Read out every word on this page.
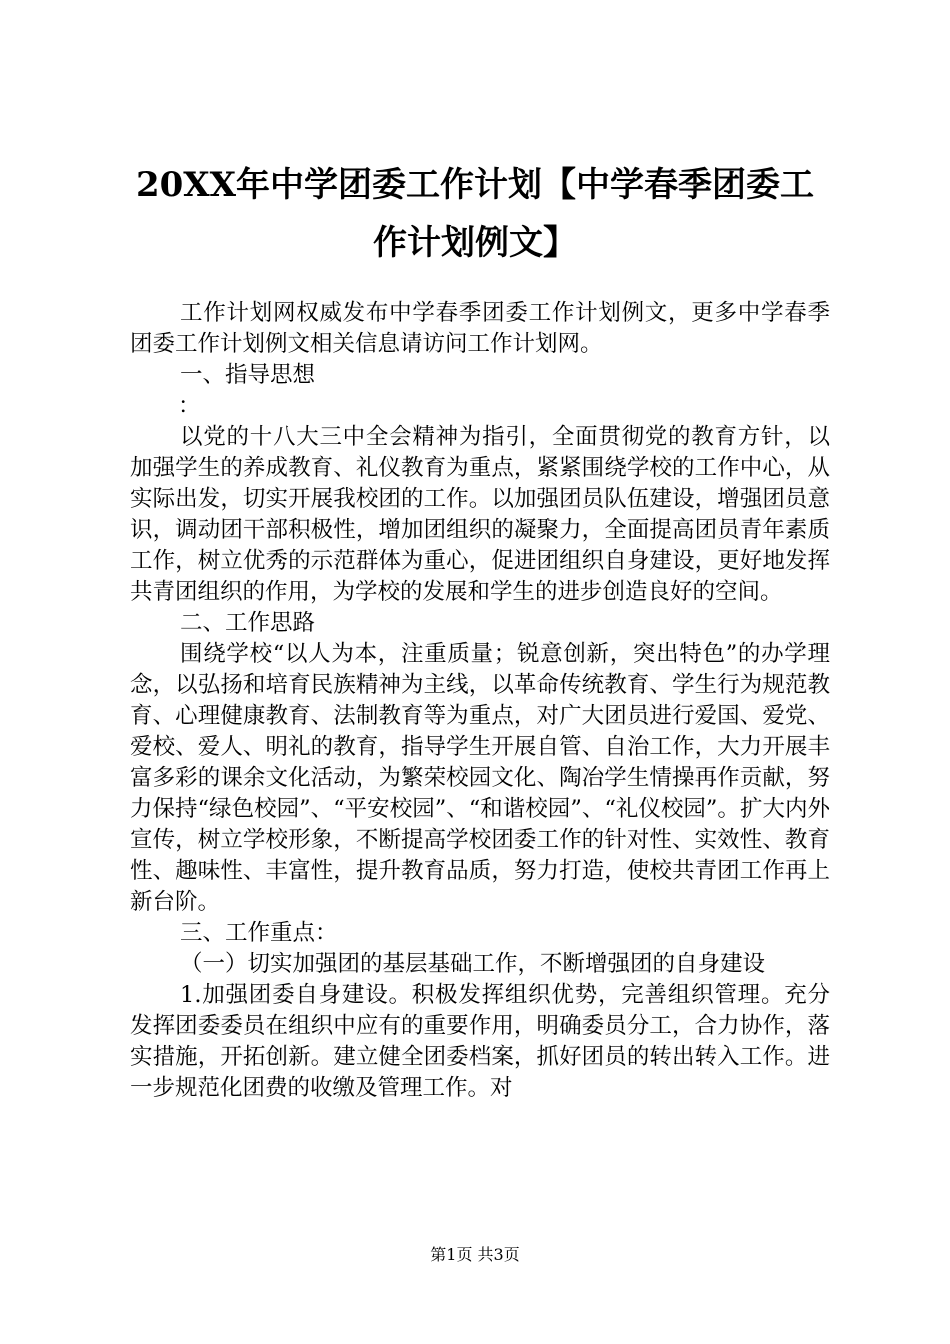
20XX年中学团委工作计划【中学春季团委工
作计划例文】

工作计划网权威发布中学春季团委工作计划例文，更多中学春季团委工作计划例文相关信息请访问工作计划网。

一、指导思想

：

以党的十八大三中全会精神为指引，全面贯彻党的教育方针，以加强学生的养成教育、礼仪教育为重点，紧紧围绕学校的工作中心，从实际出发，切实开展我校团的工作。以加强团员队伍建设，增强团员意识，调动团干部积极性，增加团组织的凝聚力，全面提高团员青年素质工作，树立优秀的示范群体为重心，促进团组织自身建设，更好地发挥共青团组织的作用，为学校的发展和学生的进步创造良好的空间。

二、工作思路

围绕学校“以人为本，注重质量；锐意创新，突出特色”的办学理念，以弘扬和培育民族精神为主线，以革命传统教育、学生行为规范教育、心理健康教育、法制教育等为重点，对广大团员进行爱国、爱党、爱校、爱人、明礼的教育，指导学生开展自管、自治工作，大力开展丰富多彩的课余文化活动，为繁荣校园文化、陶冶学生情操再作贡献，努力保持“绿色校园”、“平安校园”、“和谐校园”、“礼仪校园”。扩大内外宣传，树立学校形象，不断提高学校团委工作的针对性、实效性、教育性、趣味性、丰富性，提升教育品质，努力打造，使校共青团工作再上新台阶。

三、工作重点：

（一）切实加强团的基层基础工作，不断增强团的自身建设

1.加强团委自身建设。积极发挥组织优势，完善组织管理。充分发挥团委委员在组织中应有的重要作用，明确委员分工，合力协作，落实措施，开拓创新。建立健全团委档案，抓好团员的转出转入工作。进一步规范化团费的收缴及管理工作。对

第1页 共3页
